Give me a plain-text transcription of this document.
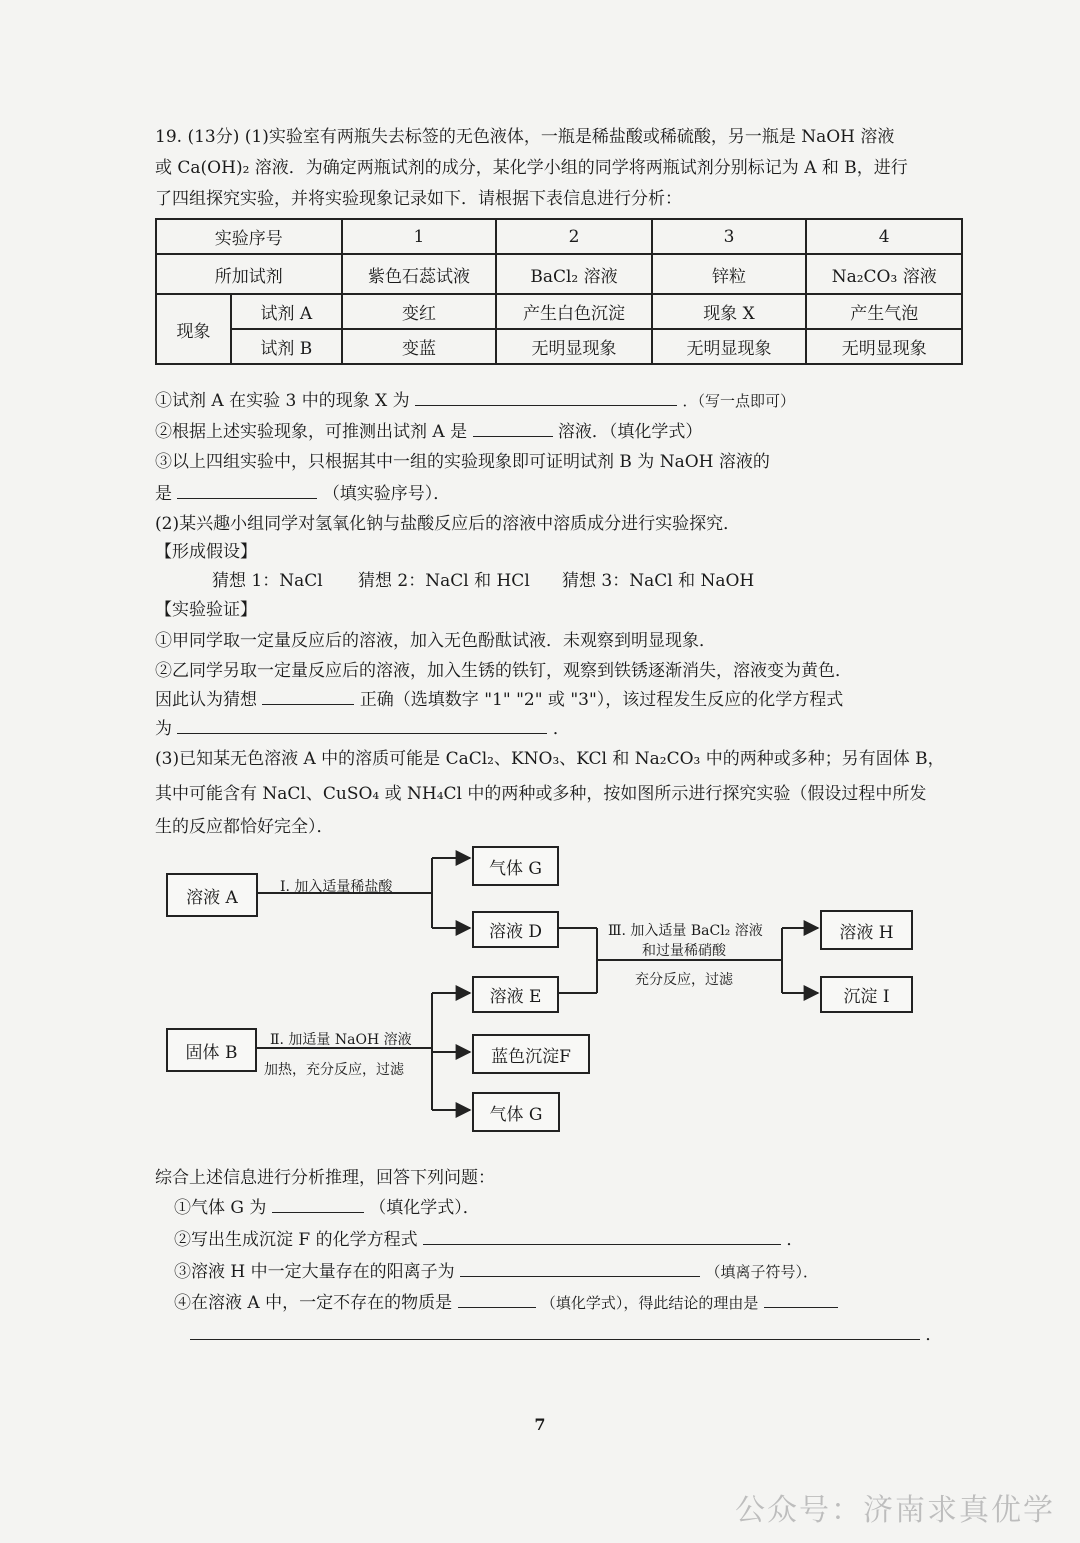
19. (13分) (1)实验室有两瓶失去标签的无色液体，一瓶是稀盐酸或稀硫酸，另一瓶是 NaOH 溶液
或 Ca(OH)₂ 溶液．为确定两瓶试剂的成分，某化学小组的同学将两瓶试剂分别标记为 A 和 B，进行
了四组探究实验，并将实验现象记录如下．请根据下表信息进行分析：
实验序号		1	2	3	4
所加试剂		紫色石蕊试液	BaCl₂ 溶液	锌粒	Na₂CO₃ 溶液
现象	试剂 A	变红	产生白色沉淀	现象 X	产生气泡
	试剂 B	变蓝	无明显现象	无明显现象	无明显现象
①试剂 A 在实验 3 中的现象 X 为	．（写一点即可）
②根据上述实验现象，可推测出试剂 A 是	溶液．（填化学式）
③以上四组实验中，只根据其中一组的实验现象即可证明试剂 B 为 NaOH 溶液的
是	（填实验序号）．
(2)某兴趣小组同学对氢氧化钠与盐酸反应后的溶液中溶质成分进行实验探究．
【形成假设】
猜想 1：NaCl 猜想 2：NaCl 和 HCl 猜想 3：NaCl 和 NaOH
【实验验证】
①甲同学取一定量反应后的溶液，加入无色酚酞试液．未观察到明显现象．
②乙同学另取一定量反应后的溶液，加入生锈的铁钉，观察到铁锈逐渐消失，溶液变为黄色．
因此认为猜想	正确（选填数字 "1" "2" 或 "3"），该过程发生反应的化学方程式
为	．
(3)已知某无色溶液 A 中的溶质可能是 CaCl₂、KNO₃、KCl 和 Na₂CO₃ 中的两种或多种；另有固体 B，
其中可能含有 NaCl、CuSO₄ 或 NH₄Cl 中的两种或多种，按如图所示进行探究实验（假设过程中所发
生的反应都恰好完全）．
溶液 A
固体 B
气体 G
溶液 D
溶液 E
蓝色沉淀F
气体 G
溶液 H
沉淀 I
Ⅰ. 加入适量稀盐酸
Ⅱ. 加适量 NaOH 溶液
加热，充分反应，过滤
Ⅲ. 加入适量 BaCl₂ 溶液
和过量稀硝酸
充分反应，过滤
综合上述信息进行分析推理，回答下列问题：
①气体 G 为	（填化学式）．
②写出生成沉淀 F 的化学方程式	．
③溶液 H 中一定大量存在的阳离子为	（填离子符号）．
④在溶液 A 中，一定不存在的物质是	（填化学式），得此结论的理由是
．
7
公众号：济南求真优学
